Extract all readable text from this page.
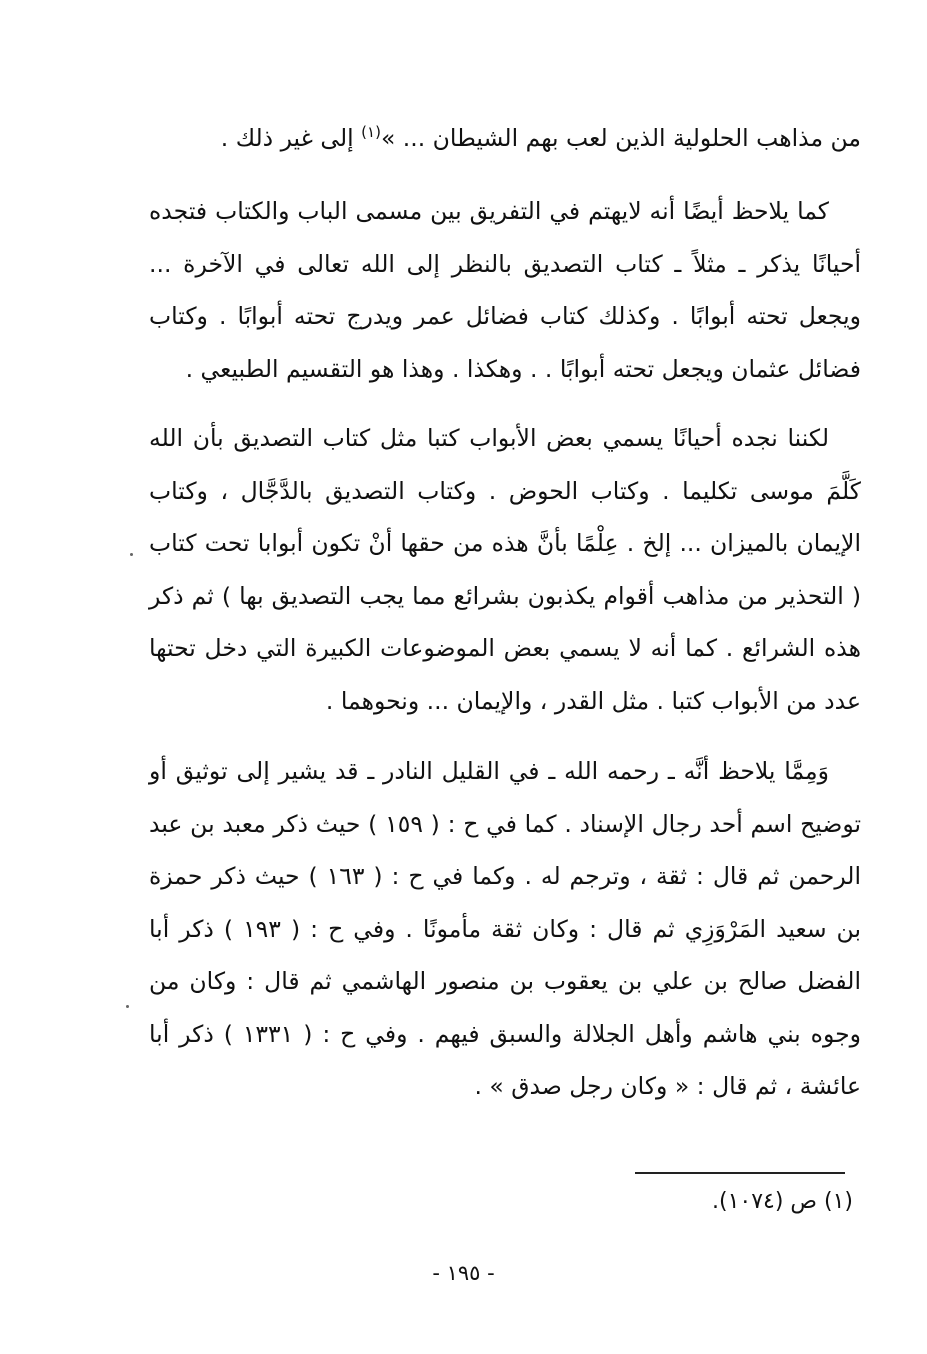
من مذاهب الحلولية الذين لعب بهم الشيطان ... »$^{(١)}$ إلى غير ذلك .

كما يلاحظ أيضًا أنه لايهتم في التفريق بين مسمى الباب والكتاب فتجده أحيانًا يذكر ـ مثلاً ـ كتاب التصديق بالنظر إلى الله تعالى في الآخرة ... ويجعل تحته أبوابًا . وكذلك كتاب فضائل عمر ويدرج تحته أبوابًا . وكتاب فضائل عثمان ويجعل تحته أبوابًا . . وهكذا . وهذا هو التقسيم الطبيعي .

لكننا نجده أحيانًا يسمي بعض الأبواب كتبا مثل كتاب التصديق بأن الله كَلَّمَ موسى تكليما . وكتاب الحوض . وكتاب التصديق بالدَّجَّال ، وكتاب الإيمان بالميزان ... إلخ . عِلْمًا بأنَّ هذه من حقها أنْ تكون أبوابا تحت كتاب ( التحذير من مذاهب أقوام يكذبون بشرائع مما يجب التصديق بها ) ثم ذكر هذه الشرائع . كما أنه لا يسمي بعض الموضوعات الكبيرة التي دخل تحتها عدد من الأبواب كتبا . مثل القدر ، والإيمان ... ونحوهما .

وَمِمَّا يلاحظ أنَّه ـ رحمه الله ـ في القليل النادر ـ قد يشير إلى توثيق أو توضيح اسم أحد رجال الإسناد . كما في ح : ( ١٥٩ ) حيث ذكر معبد بن عبد الرحمن ثم قال : ثقة ، وترجم له . وكما في ح : ( ١٦٣ ) حيث ذكر حمزة بن سعيد المَرْوَزِي ثم قال : وكان ثقة مأمونًا . وفي ح : ( ١٩٣ ) ذكر أبا الفضل صالح بن علي بن يعقوب بن منصور الهاشمي ثم قال : وكان من وجوه بني هاشم وأهل الجلالة والسبق فيهم . وفي ح : ( ١٣٣١ ) ذكر أبا عائشة ، ثم قال : « وكان رجل صدق » .

(١) ص (١٠٧٤).

- ١٩٥ -
